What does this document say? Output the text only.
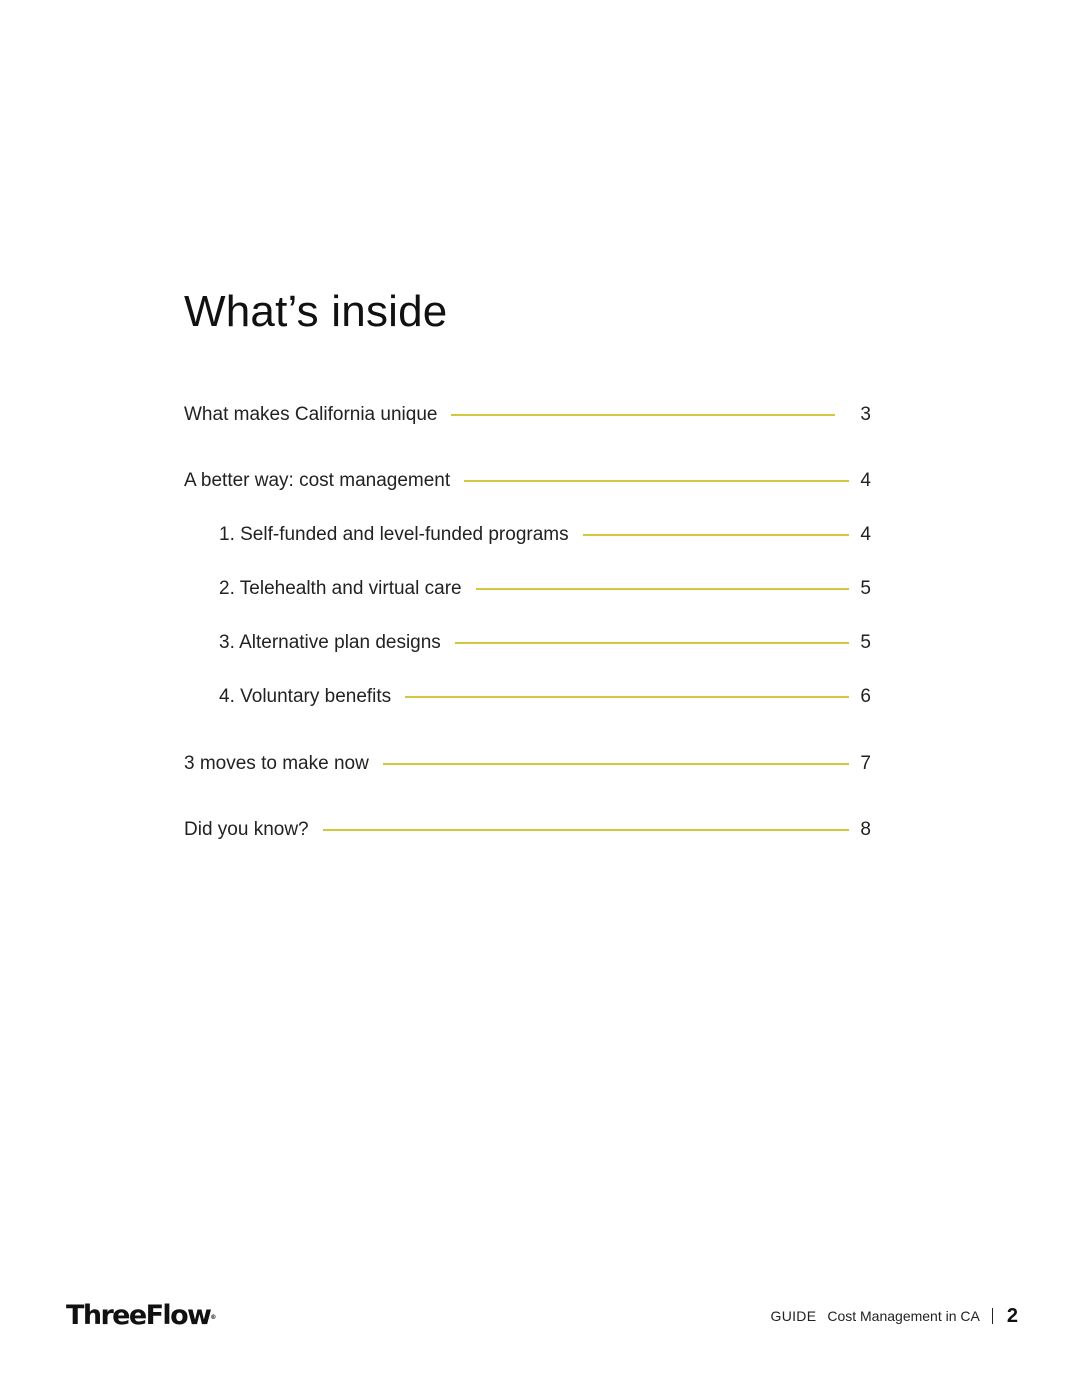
What’s inside
What makes California unique	3
A better way: cost management	4
1. Self-funded and level-funded programs	4
2. Telehealth and virtual care	5
3. Alternative plan designs	5
4. Voluntary benefits	6
3 moves to make now	7
Did you know?	8
ThreeFlow®	GUIDE Cost Management in CA 2
